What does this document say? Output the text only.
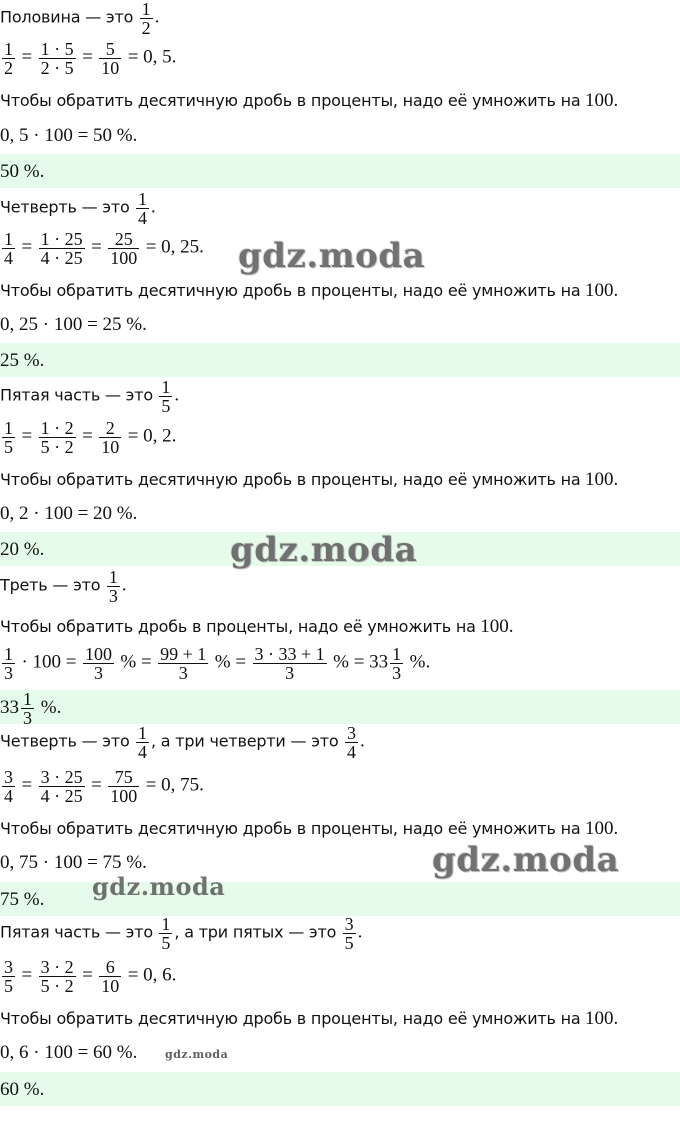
Половина — это $\frac{1}{2}$ .
$\frac{1}{2} = \frac{1 \cdot 5}{2 \cdot 5} = \frac{5}{10} = 0$, 5.
Чтобы обратить десятичную дробь в проценты, надо её умножить на 100.
0, 5 · 100 = 50 %.
50 %.
Четверть — это $\frac{1}{4}$ .
$\frac{1}{4} = \frac{1 \cdot 25}{4 \cdot 25} = \frac{25}{100} = 0$, 25.
Чтобы обратить десятичную дробь в проценты, надо её умножить на 100.
0, 25 · 100 = 25 %.
25 %.
Пятая часть — это $\frac{1}{5}$ .
$\frac{1}{5} = \frac{1 \cdot 2}{5 \cdot 2} = \frac{2}{10} = 0$, 2.
Чтобы обратить десятичную дробь в проценты, надо её умножить на 100.
0, 2 · 100 = 20 %.
20 %.
Треть — это $\frac{1}{3}$ .
Чтобы обратить дробь в проценты, надо её умножить на 100.
$\frac{1}{3} \cdot 100 = \frac{100}{3}$ % = $\frac{99 + 1}{3}$ % = $\frac{3 \cdot 33 + 1}{3}$ % = $33 \frac{1}{3}$ %.
$33 \frac{1}{3}$ %.
Четверть — это $\frac{1}{4}$ , а три четверти — это $\frac{3}{4}$ .
$\frac{3}{4} = \frac{3 \cdot 25}{4 \cdot 25} = \frac{75}{100} = 0$, 75.
Чтобы обратить десятичную дробь в проценты, надо её умножить на 100.
0, 75 · 100 = 75 %.
75 %.
Пятая часть — это $\frac{1}{5}$ , а три пятых — это $\frac{3}{5}$ .
$\frac{3}{5} = \frac{3 \cdot 2}{5 \cdot 2} = \frac{6}{10} = 0$, 6.
Чтобы обратить десятичную дробь в проценты, надо её умножить на 100.
0, 6 · 100 = 60 %.
60 %.
gdz.moda
gdz.moda
gdz.moda
gdz.moda
gdz.moda
